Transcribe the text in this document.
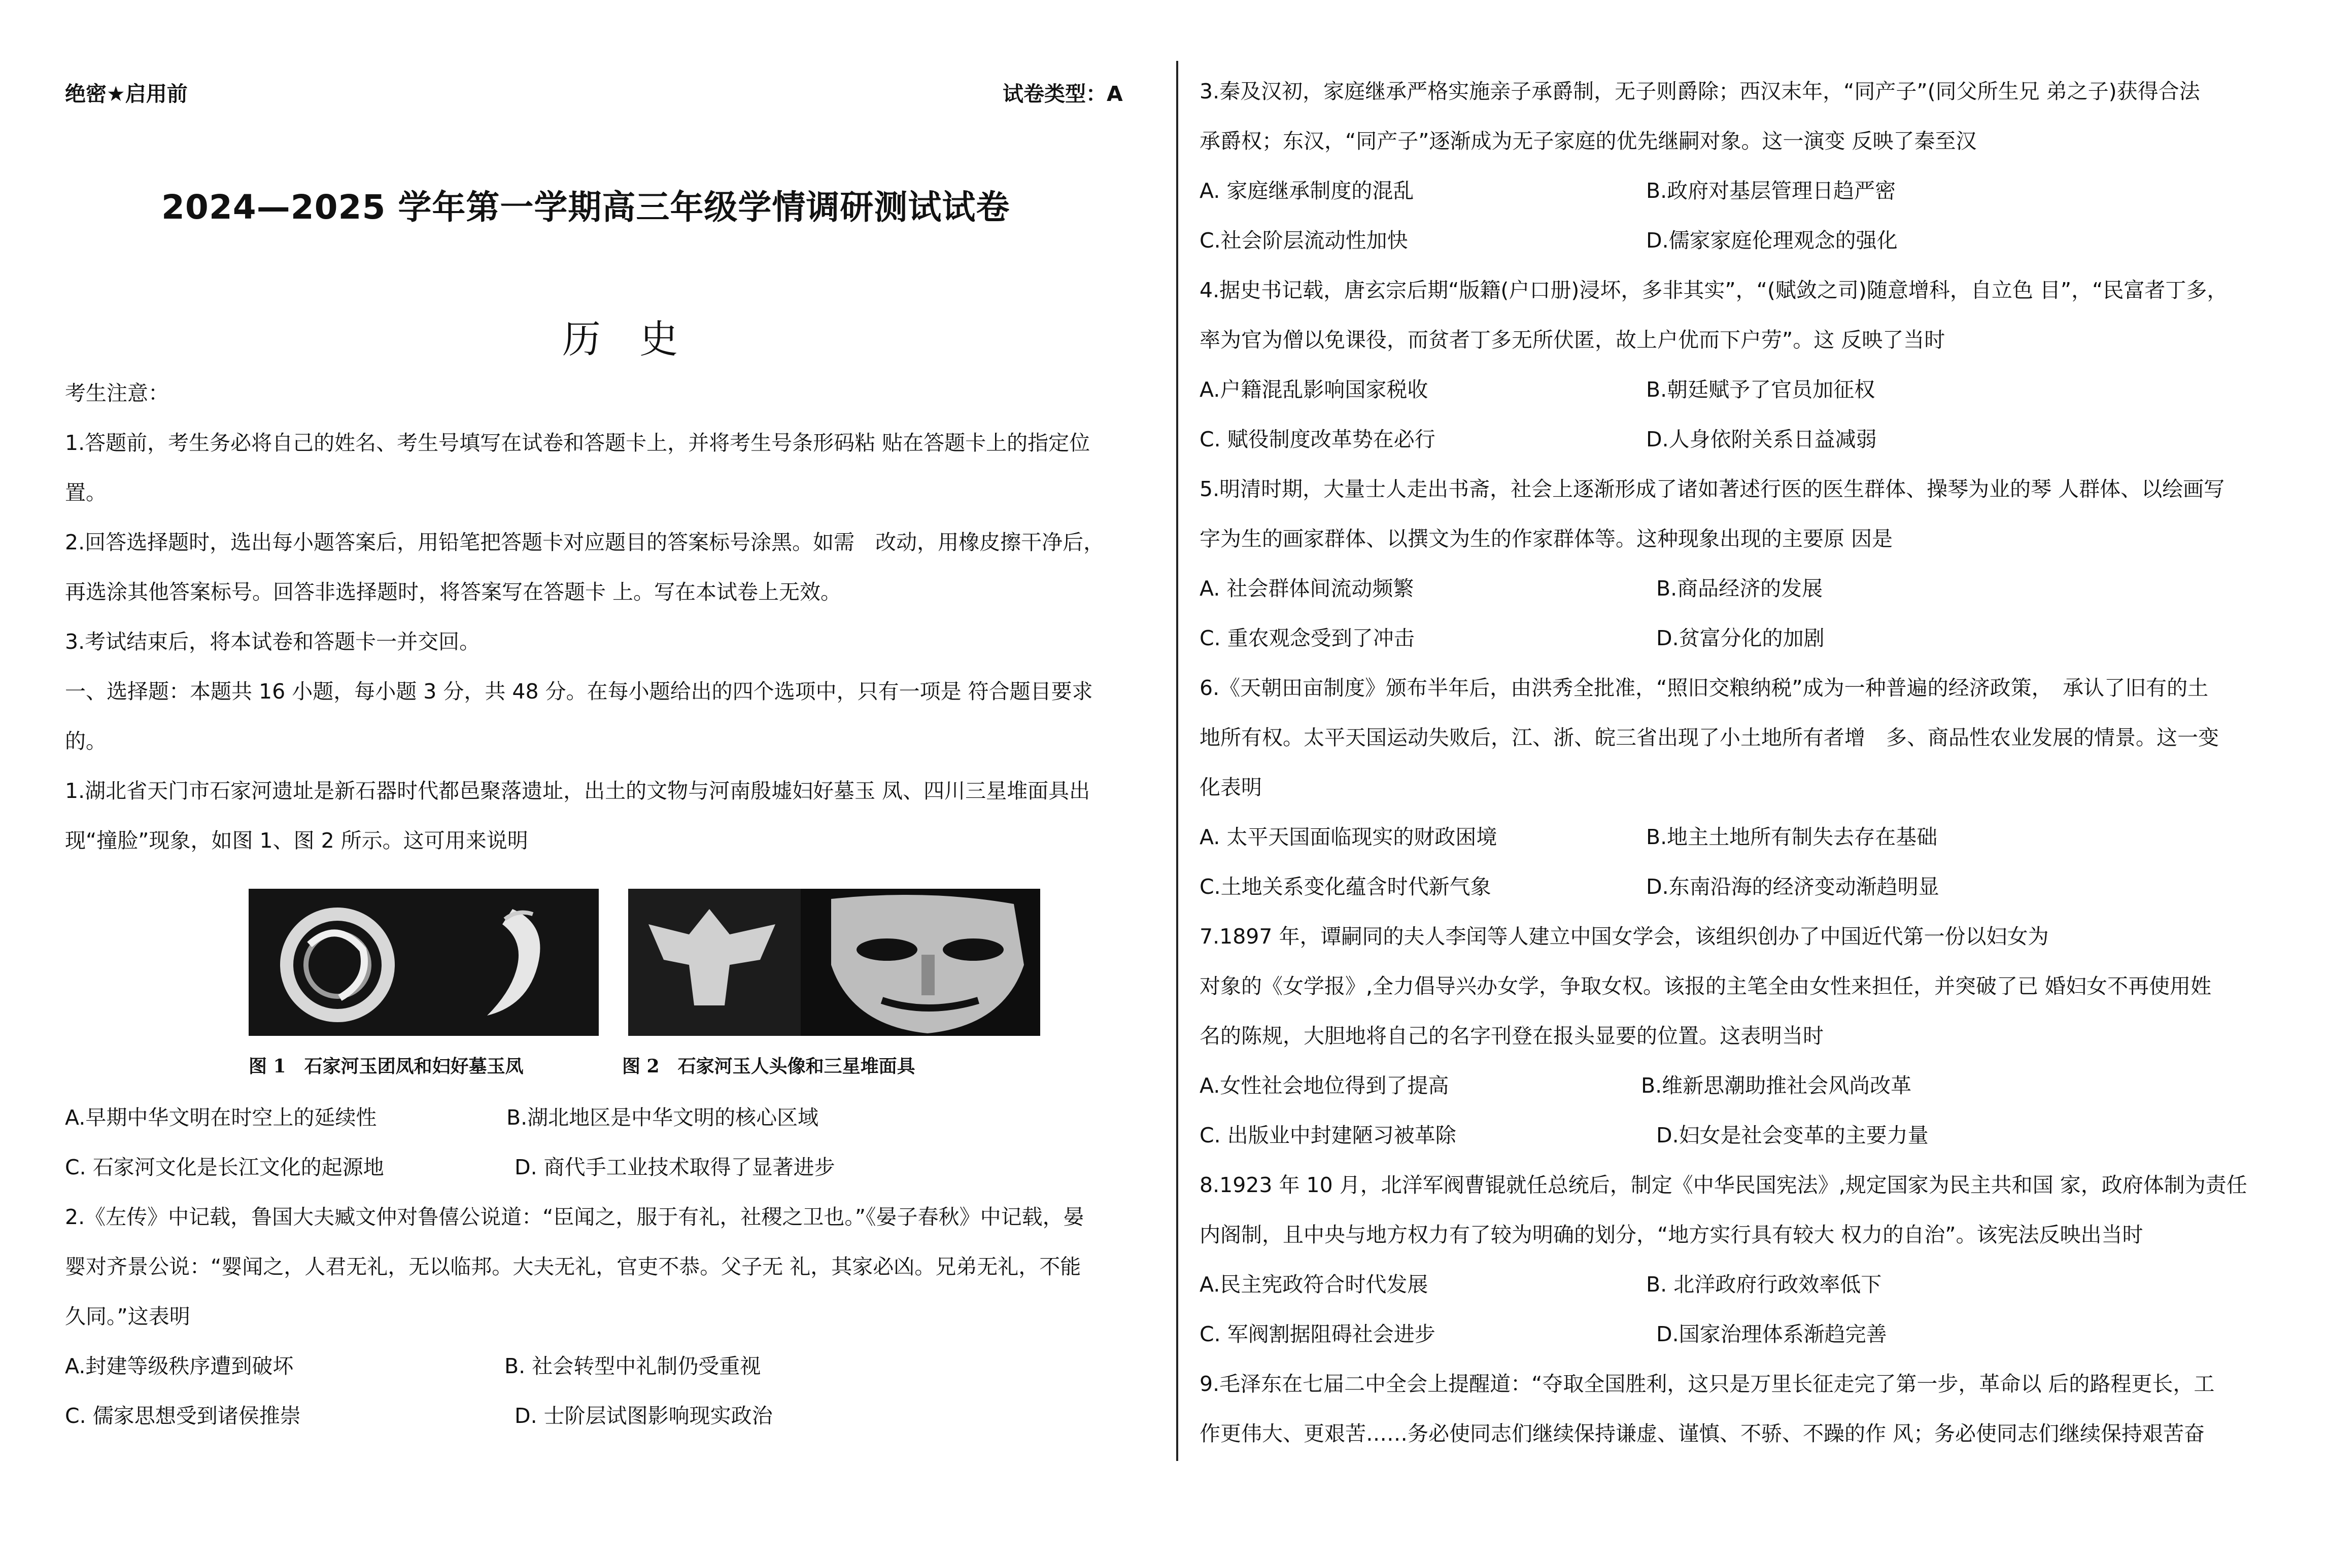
绝密★启用前	试卷类型：A
2024—2025 学年第一学期高三年级学情调研测试试卷
历 史
考生注意：
1.答题前，考生务必将自己的姓名、考生号填写在试卷和答题卡上，并将考生号条形码粘 贴在答题卡上的指定位
置。
2.回答选择题时，选出每小题答案后，用铅笔把答题卡对应题目的答案标号涂黑。如需　改动，用橡皮擦干净后，
再选涂其他答案标号。回答非选择题时，将答案写在答题卡 上。写在本试卷上无效。
3.考试结束后，将本试卷和答题卡一并交回。
一、选择题：本题共 16 小题，每小题 3 分，共 48 分。在每小题给出的四个选项中，只有一项是 符合题目要求
的。
1.湖北省天门市石家河遗址是新石器时代都邑聚落遗址，出土的文物与河南殷墟妇好墓玉 凤、四川三星堆面具出
现“撞脸”现象，如图 1、图 2 所示。这可用来说明
图 1　石家河玉团凤和妇好墓玉凤	图 2　石家河玉人头像和三星堆面具
A.早期中华文明在时空上的延续性	B.湖北地区是中华文明的核心区域
C. 石家河文化是长江文化的起源地	D. 商代手工业技术取得了显著进步
2.《左传》中记载，鲁国大夫臧文仲对鲁僖公说道：“臣闻之，服于有礼，社稷之卫也。”《晏子春秋》中记载，晏
婴对齐景公说：“婴闻之，人君无礼，无以临邦。大夫无礼，官吏不恭。父子无 礼，其家必凶。兄弟无礼，不能
久同。”这表明
A.封建等级秩序遭到破坏	B. 社会转型中礼制仍受重视
C. 儒家思想受到诸侯推崇	D. 士阶层试图影响现实政治
3.秦及汉初，家庭继承严格实施亲子承爵制，无子则爵除；西汉末年，“同产子”(同父所生兄 弟之子)获得合法
承爵权；东汉，“同产子”逐渐成为无子家庭的优先继嗣对象。这一演变 反映了秦至汉
A. 家庭继承制度的混乱	B.政府对基层管理日趋严密
C.社会阶层流动性加快	D.儒家家庭伦理观念的强化
4.据史书记载，唐玄宗后期“版籍(户口册)浸坏，多非其实”，“(赋敛之司)随意增科，自立色 目”，“民富者丁多，
率为官为僧以免课役，而贫者丁多无所伏匿，故上户优而下户劳”。这 反映了当时
A.户籍混乱影响国家税收	B.朝廷赋予了官员加征权
C. 赋役制度改革势在必行	D.人身依附关系日益减弱
5.明清时期，大量士人走出书斋，社会上逐渐形成了诸如著述行医的医生群体、操琴为业的琴 人群体、以绘画写
字为生的画家群体、以撰文为生的作家群体等。这种现象出现的主要原 因是
A. 社会群体间流动频繁	B.商品经济的发展
C. 重农观念受到了冲击	D.贫富分化的加剧
6.《天朝田亩制度》颁布半年后，由洪秀全批准，“照旧交粮纳税”成为一种普遍的经济政策，　承认了旧有的土
地所有权。太平天国运动失败后，江、浙、皖三省出现了小土地所有者增　多、商品性农业发展的情景。这一变
化表明
A. 太平天国面临现实的财政困境	B.地主土地所有制失去存在基础
C.土地关系变化蕴含时代新气象	D.东南沿海的经济变动渐趋明显
7.1897 年，谭嗣同的夫人李闰等人建立中国女学会，该组织创办了中国近代第一份以妇女为
对象的《女学报》,全力倡导兴办女学，争取女权。该报的主笔全由女性来担任，并突破了已 婚妇女不再使用姓
名的陈规，大胆地将自己的名字刊登在报头显要的位置。这表明当时
A.女性社会地位得到了提高	B.维新思潮助推社会风尚改革
C. 出版业中封建陋习被革除	D.妇女是社会变革的主要力量
8.1923 年 10 月，北洋军阀曹锟就任总统后，制定《中华民国宪法》,规定国家为民主共和国 家，政府体制为责任
内阁制，且中央与地方权力有了较为明确的划分，“地方实行具有较大 权力的自治”。该宪法反映出当时
A.民主宪政符合时代发展	B. 北洋政府行政效率低下
C. 军阀割据阻碍社会进步	D.国家治理体系渐趋完善
9.毛泽东在七届二中全会上提醒道：“夺取全国胜利，这只是万里长征走完了第一步，革命以 后的路程更长，工
作更伟大、更艰苦……务必使同志们继续保持谦虚、谨慎、不骄、不躁的作 风；务必使同志们继续保持艰苦奋
